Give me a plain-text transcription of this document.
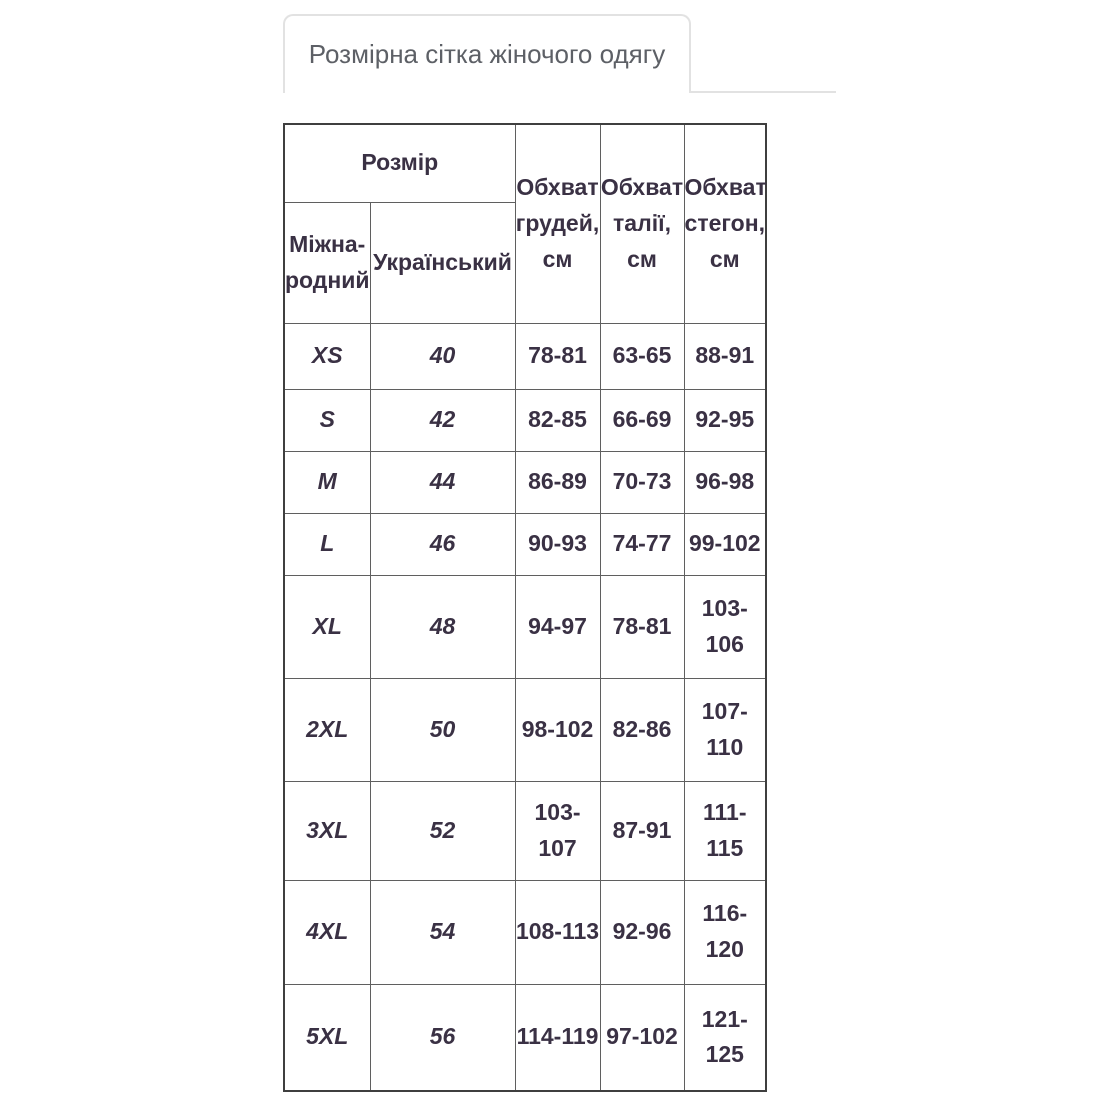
Розмірна сітка жіночого одягу
Розмір		Обхват грудей, см	Обхват талії, см	Обхват стегон, см
Міжна-родний	Український			
XS	40	78-81	63-65	88-91
S	42	82-85	66-69	92-95
M	44	86-89	70-73	96-98
L	46	90-93	74-77	99-102
XL	48	94-97	78-81	103-106
2XL	50	98-102	82-86	107-110
3XL	52	103-107	87-91	111-115
4XL	54	108-113	92-96	116-120
5XL	56	114-119	97-102	121-125
